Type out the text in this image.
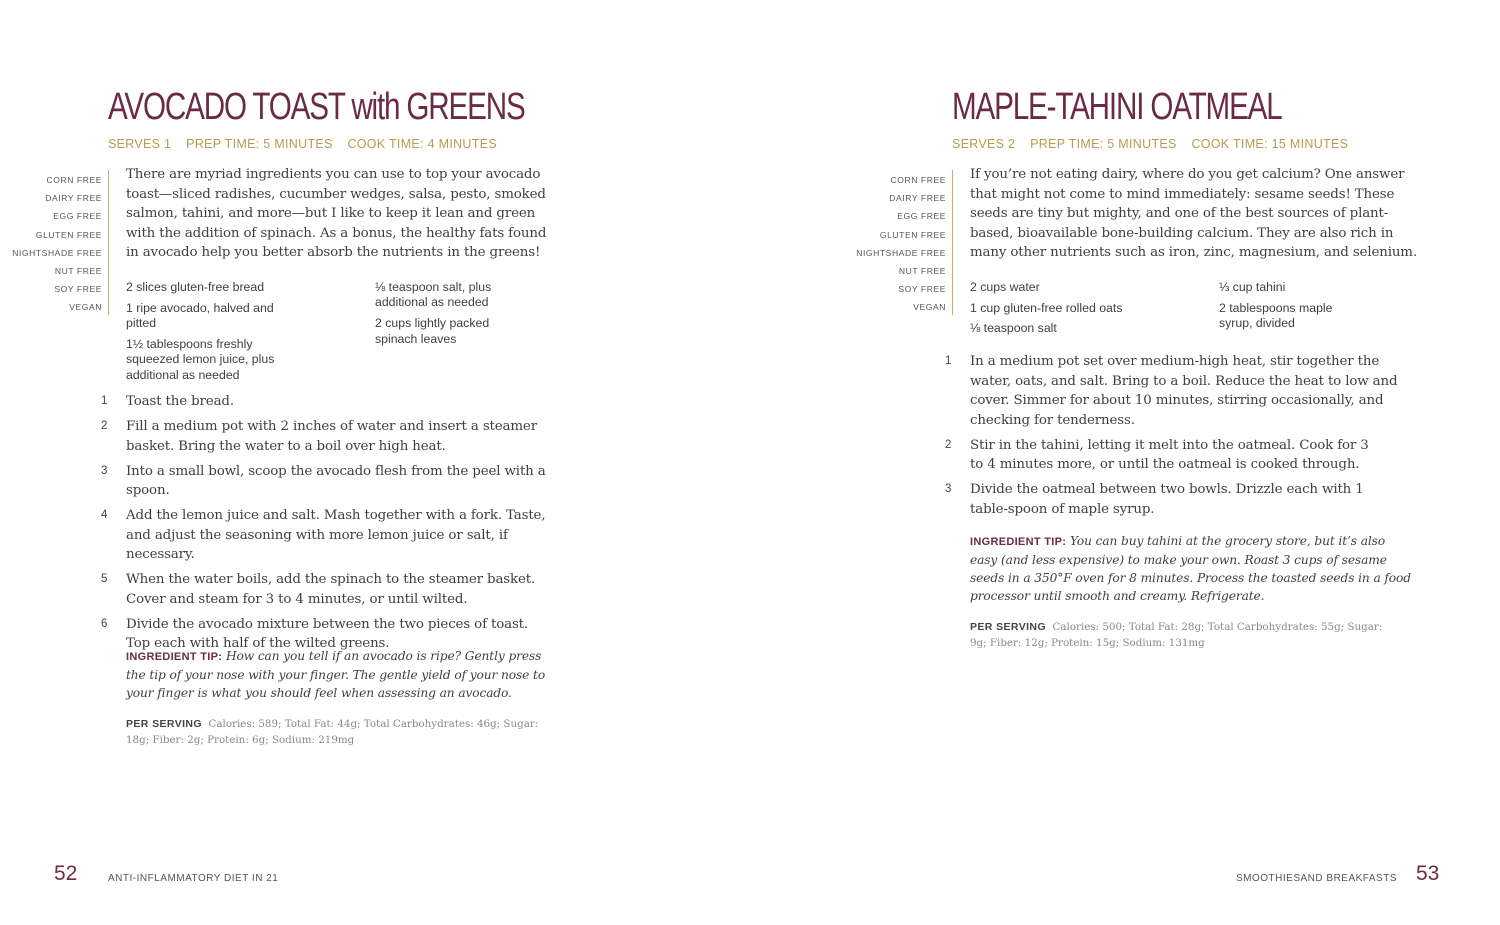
AVOCADO TOAST with GREENS
SERVES 1 PREP TIME: 5 MINUTES COOK TIME: 4 MINUTES
CORN FREE
DAIRY FREE
EGG FREE
GLUTEN FREE
NIGHTSHADE FREE
NUT FREE
SOY FREE
VEGAN
There are myriad ingredients you can use to top your avocado toast—sliced radishes, cucumber wedges, salsa, pesto, smoked salmon, tahini, and more—but I like to keep it lean and green with the addition of spinach. As a bonus, the healthy fats found in avocado help you better absorb the nutrients in the greens!
2 slices gluten-free bread
1 ripe avocado, halved and pitted
1½ tablespoons freshly squeezed lemon juice, plus additional as needed
⅛ teaspoon salt, plus additional as needed
2 cups lightly packed spinach leaves
1 Toast the bread.
2 Fill a medium pot with 2 inches of water and insert a steamer basket. Bring the water to a boil over high heat.
3 Into a small bowl, scoop the avocado flesh from the peel with a spoon.
4 Add the lemon juice and salt. Mash together with a fork. Taste, and adjust the seasoning with more lemon juice or salt, if necessary.
5 When the water boils, add the spinach to the steamer basket. Cover and steam for 3 to 4 minutes, or until wilted.
6 Divide the avocado mixture between the two pieces of toast. Top each with half of the wilted greens.
INGREDIENT TIP: How can you tell if an avocado is ripe? Gently press the tip of your nose with your finger. The gentle yield of your nose to your finger is what you should feel when assessing an avocado.
PER SERVING Calories: 589; Total Fat: 44g; Total Carbohydrates: 46g; Sugar: 18g; Fiber: 2g; Protein: 6g; Sodium: 219mg
52	ANTI-INFLAMMATORY DIET IN 21
MAPLE-TAHINI OATMEAL
SERVES 2 PREP TIME: 5 MINUTES COOK TIME: 15 MINUTES
CORN FREE
DAIRY FREE
EGG FREE
GLUTEN FREE
NIGHTSHADE FREE
NUT FREE
SOY FREE
VEGAN
If you’re not eating dairy, where do you get calcium? One answer that might not come to mind immediately: sesame seeds! These seeds are tiny but mighty, and one of the best sources of plant-based, bioavailable bone-building calcium. They are also rich in many other nutrients such as iron, zinc, magnesium, and selenium.
2 cups water
1 cup gluten-free rolled oats
⅛ teaspoon salt
⅓ cup tahini
2 tablespoons maple syrup, divided
1 In a medium pot set over medium-high heat, stir together the water, oats, and salt. Bring to a boil. Reduce the heat to low and cover. Simmer for about 10 minutes, stirring occasionally, and checking for tenderness.
2 Stir in the tahini, letting it melt into the oatmeal. Cook for 3 to 4 minutes more, or until the oatmeal is cooked through.
3 Divide the oatmeal between two bowls. Drizzle each with 1 table-spoon of maple syrup.
INGREDIENT TIP: You can buy tahini at the grocery store, but it’s also easy (and less expensive) to make your own. Roast 3 cups of sesame seeds in a 350°F oven for 8 minutes. Process the toasted seeds in a food processor until smooth and creamy. Refrigerate.
PER SERVING Calories: 500; Total Fat: 28g; Total Carbohydrates: 55g; Sugar: 9g; Fiber: 12g; Protein: 15g; Sodium: 131mg
SMOOTHIESAND BREAKFASTS 53
